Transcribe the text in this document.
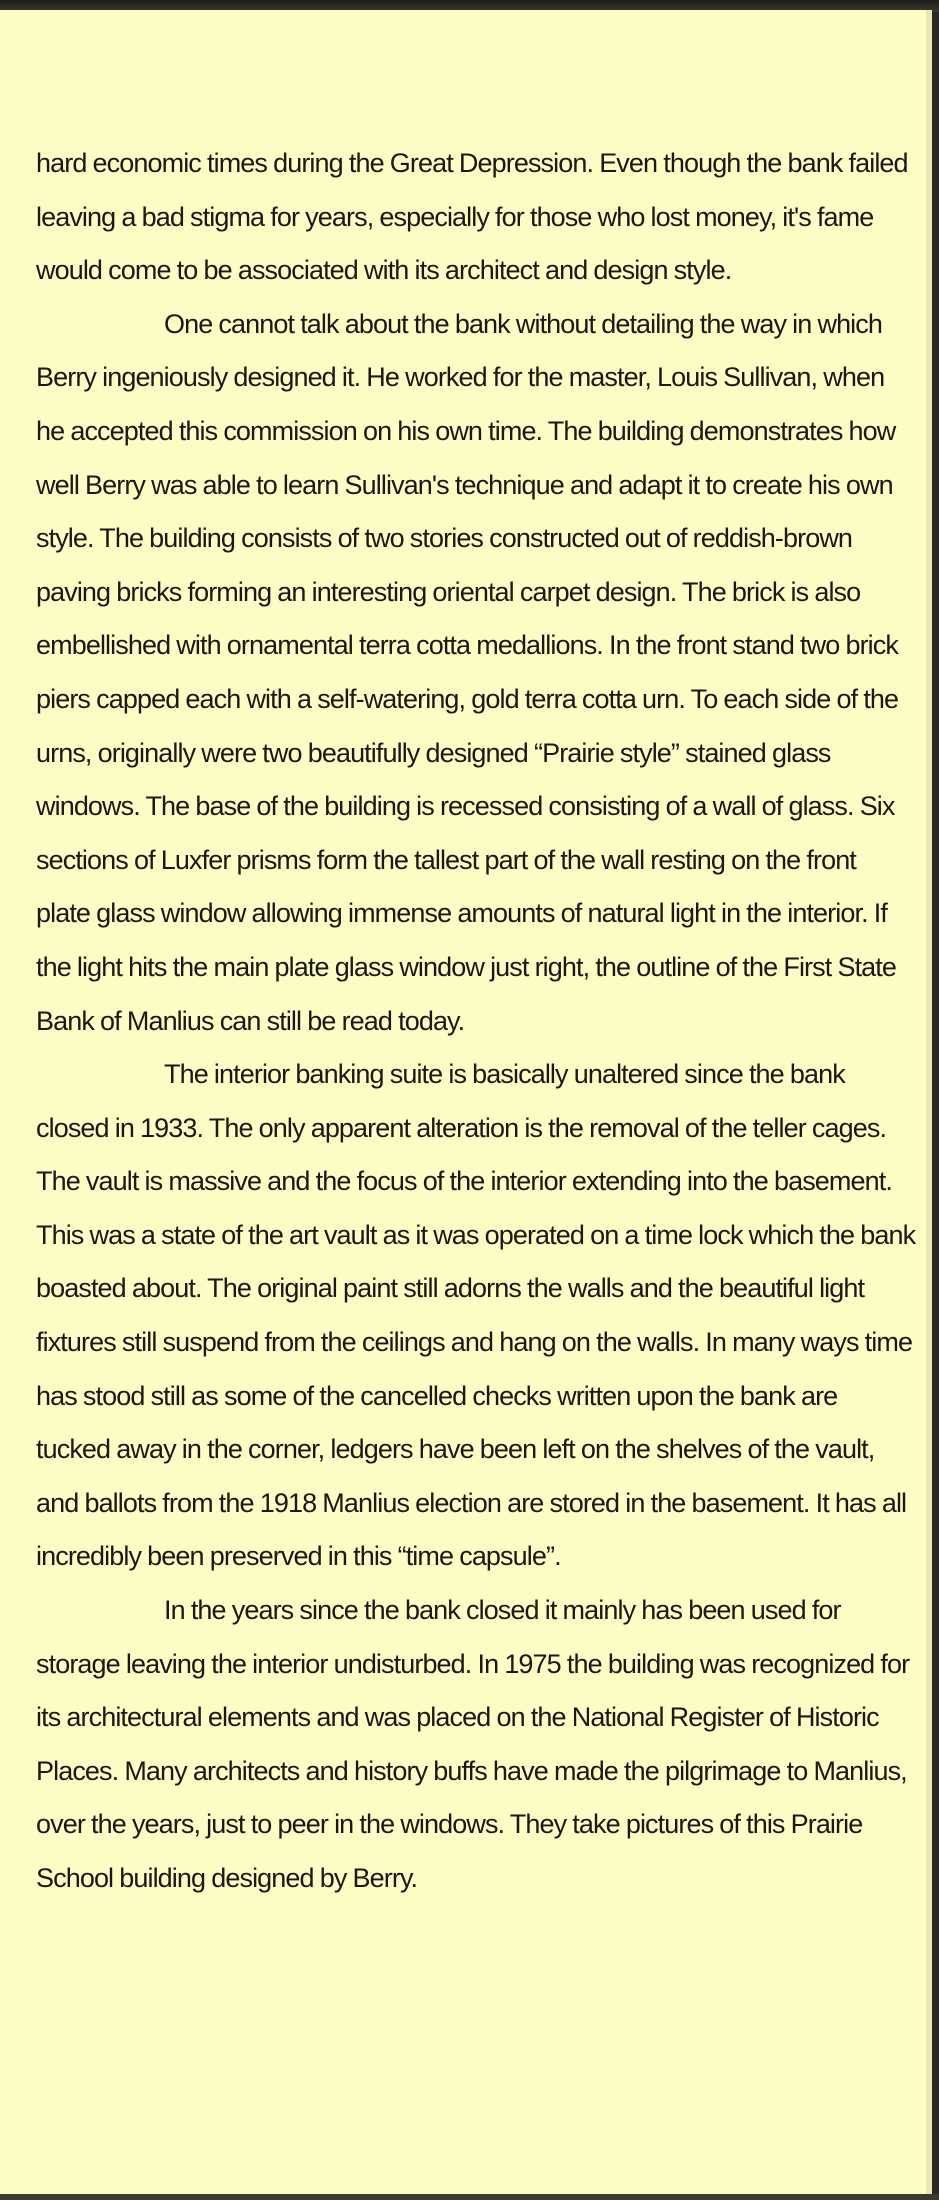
hard economic times during the Great Depression. Even though the bank failed leaving a bad stigma for years, especially for those who lost money, it's fame would come to be associated with its architect and design style.

One cannot talk about the bank without detailing the way in which Berry ingeniously designed it. He worked for the master, Louis Sullivan, when he accepted this commission on his own time. The building demonstrates how well Berry was able to learn Sullivan's technique and adapt it to create his own style. The building consists of two stories constructed out of reddish-brown paving bricks forming an interesting oriental carpet design. The brick is also embellished with ornamental terra cotta medallions. In the front stand two brick piers capped each with a self-watering, gold terra cotta urn. To each side of the urns, originally were two beautifully designed “Prairie style” stained glass windows. The base of the building is recessed consisting of a wall of glass. Six sections of Luxfer prisms form the tallest part of the wall resting on the front plate glass window allowing immense amounts of natural light in the interior. If the light hits the main plate glass window just right, the outline of the First State Bank of Manlius can still be read today.

The interior banking suite is basically unaltered since the bank closed in 1933. The only apparent alteration is the removal of the teller cages. The vault is massive and the focus of the interior extending into the basement. This was a state of the art vault as it was operated on a time lock which the bank boasted about. The original paint still adorns the walls and the beautiful light fixtures still suspend from the ceilings and hang on the walls. In many ways time has stood still as some of the cancelled checks written upon the bank are tucked away in the corner, ledgers have been left on the shelves of the vault, and ballots from the 1918 Manlius election are stored in the basement. It has all incredibly been preserved in this “time capsule”.

In the years since the bank closed it mainly has been used for storage leaving the interior undisturbed. In 1975 the building was recognized for its architectural elements and was placed on the National Register of Historic Places. Many architects and history buffs have made the pilgrimage to Manlius, over the years, just to peer in the windows. They take pictures of this Prairie School building designed by Berry.
